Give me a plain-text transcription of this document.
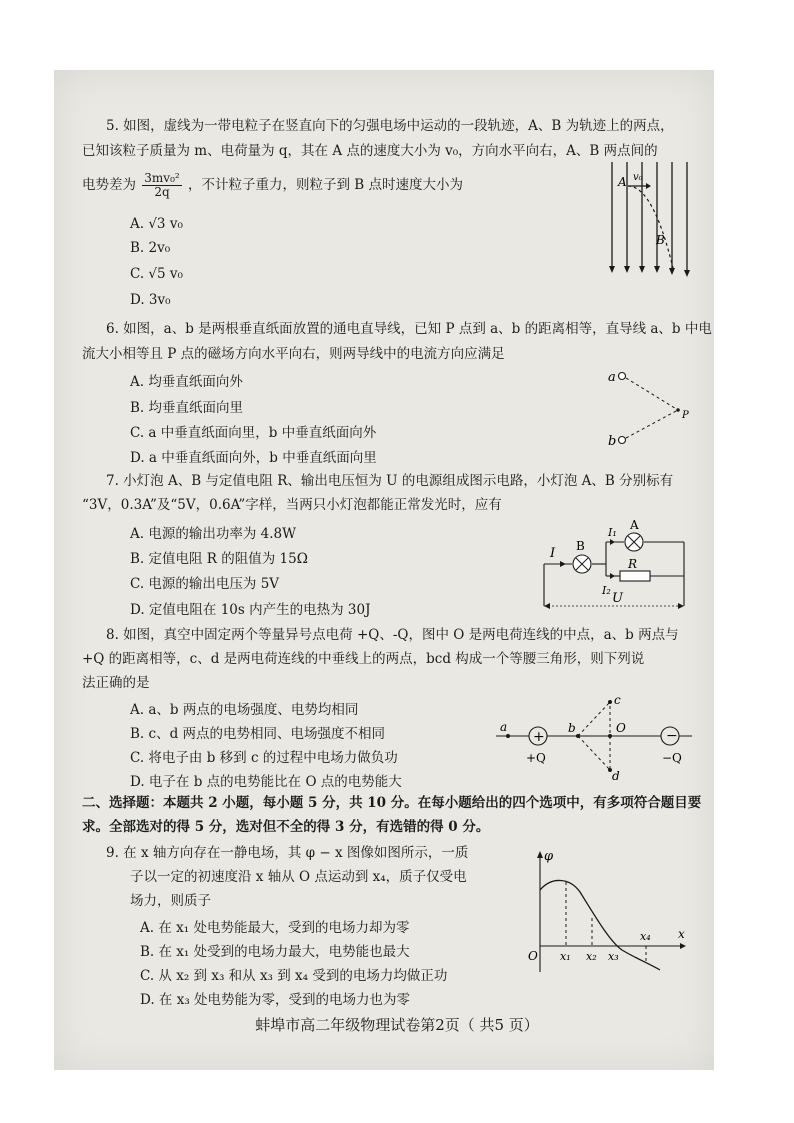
5. 如图，虚线为一带电粒子在竖直向下的匀强电场中运动的一段轨迹，A、B 为轨迹上的两点，
已知该粒子质量为 m、电荷量为 q，其在 A 点的速度大小为 v₀，方向水平向右，A、B 两点间的
电势差为 $\frac{\text{3mv₀²}}{2q}$ ，不计粒子重力，则粒子到 B 点时速度大小为
A. √3 v₀
B. 2v₀
C. √5 v₀
D. 3v₀
A v₀
B
6. 如图，a、b 是两根垂直纸面放置的通电直导线，已知 P 点到 a、b 的距离相等，直导线 a、b 中电
流大小相等且 P 点的磁场方向水平向右，则两导线中的电流方向应满足
A. 均垂直纸面向外
B. 均垂直纸面向里
C. a 中垂直纸面向里，b 中垂直纸面向外
D. a 中垂直纸面向外，b 中垂直纸面向里
a
b
P
7. 小灯泡 A、B 与定值电阻 R、输出电压恒为 U 的电源组成图示电路，小灯泡 A、B 分别标有
“3V，0.3A”及“5V，0.6A”字样，当两只小灯泡都能正常发光时，应有
A. 电源的输出功率为 4.8W
B. 定值电阻 R 的阻值为 15Ω
C. 电源的输出电压为 5V
D. 定值电阻在 10s 内产生的电热为 30J
I B
I₁
A
R
I₂
U
8. 如图，真空中固定两个等量异号点电荷 +Q、-Q，图中 O 是两电荷连线的中点，a、b 两点与
+Q 的距离相等，c、d 是两电荷连线的中垂线上的两点，bcd 构成一个等腰三角形，则下列说
法正确的是
A. a、b 两点的电场强度、电势均相同
B. c、d 两点的电势相同、电场强度不相同
C. 将电子由 b 移到 c 的过程中电场力做负功
D. 电子在 b 点的电势能比在 O 点的电势能大
+	−
a
+Q
b
c
O
d
−Q
二、选择题：本题共 2 小题，每小题 5 分，共 10 分。在每小题给出的四个选项中，有多项符合题目要
求。全部选对的得 5 分，选对但不全的得 3 分，有选错的得 0 分。
9. 在 x 轴方向存在一静电场，其 φ − x 图像如图所示，一质
子以一定的初速度沿 x 轴从 O 点运动到 x₄，质子仅受电
场力，则质子
A. 在 x₁ 处电势能最大，受到的电场力却为零
B. 在 x₁ 处受到的电场力最大，电势能也最大
C. 从 x₂ 到 x₃ 和从 x₃ 到 x₄ 受到的电场力均做正功
D. 在 x₃ 处电势能为零，受到的电场力也为零
φ
x
O x₁ x₂ x₃
x₄
蚌埠市高二年级物理试卷第2页（ 共5 页）
